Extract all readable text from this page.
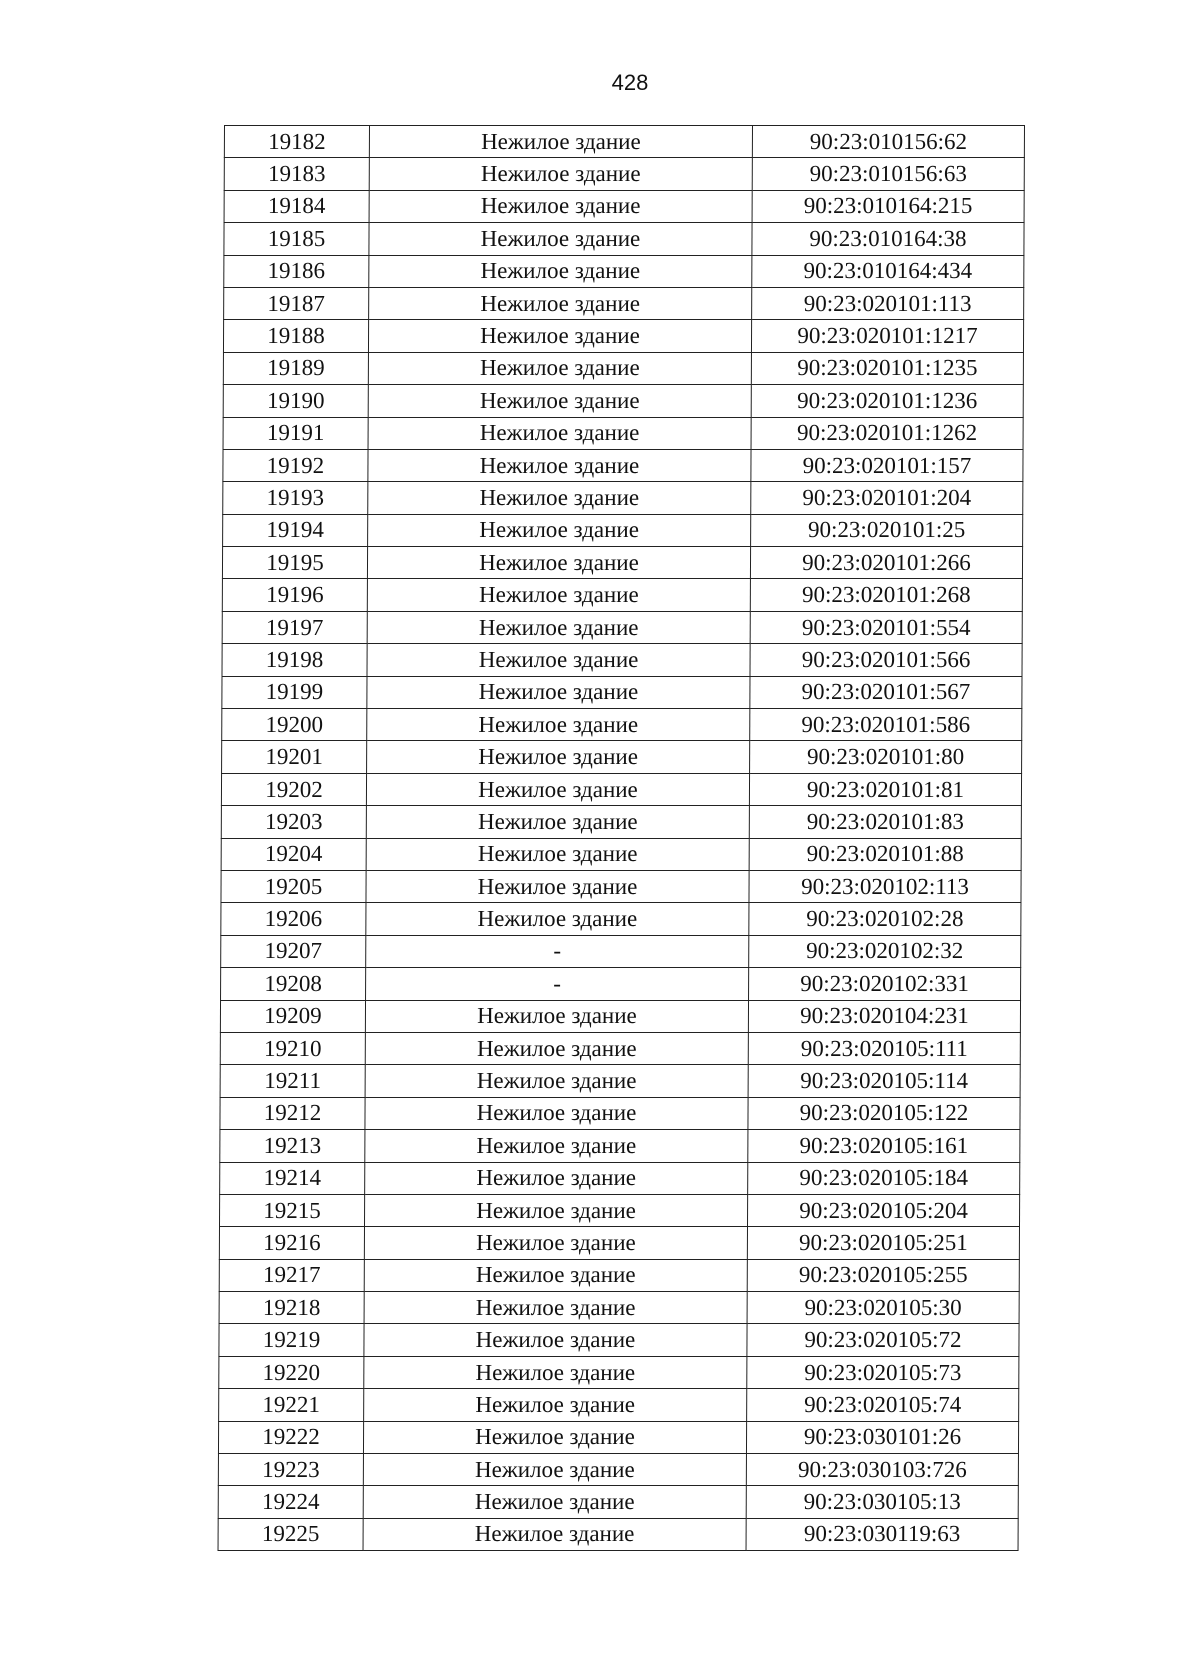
428
19182	Нежилое здание	90:23:010156:62
19183	Нежилое здание	90:23:010156:63
19184	Нежилое здание	90:23:010164:215
19185	Нежилое здание	90:23:010164:38
19186	Нежилое здание	90:23:010164:434
19187	Нежилое здание	90:23:020101:113
19188	Нежилое здание	90:23:020101:1217
19189	Нежилое здание	90:23:020101:1235
19190	Нежилое здание	90:23:020101:1236
19191	Нежилое здание	90:23:020101:1262
19192	Нежилое здание	90:23:020101:157
19193	Нежилое здание	90:23:020101:204
19194	Нежилое здание	90:23:020101:25
19195	Нежилое здание	90:23:020101:266
19196	Нежилое здание	90:23:020101:268
19197	Нежилое здание	90:23:020101:554
19198	Нежилое здание	90:23:020101:566
19199	Нежилое здание	90:23:020101:567
19200	Нежилое здание	90:23:020101:586
19201	Нежилое здание	90:23:020101:80
19202	Нежилое здание	90:23:020101:81
19203	Нежилое здание	90:23:020101:83
19204	Нежилое здание	90:23:020101:88
19205	Нежилое здание	90:23:020102:113
19206	Нежилое здание	90:23:020102:28
19207	-	90:23:020102:32
19208	-	90:23:020102:331
19209	Нежилое здание	90:23:020104:231
19210	Нежилое здание	90:23:020105:111
19211	Нежилое здание	90:23:020105:114
19212	Нежилое здание	90:23:020105:122
19213	Нежилое здание	90:23:020105:161
19214	Нежилое здание	90:23:020105:184
19215	Нежилое здание	90:23:020105:204
19216	Нежилое здание	90:23:020105:251
19217	Нежилое здание	90:23:020105:255
19218	Нежилое здание	90:23:020105:30
19219	Нежилое здание	90:23:020105:72
19220	Нежилое здание	90:23:020105:73
19221	Нежилое здание	90:23:020105:74
19222	Нежилое здание	90:23:030101:26
19223	Нежилое здание	90:23:030103:726
19224	Нежилое здание	90:23:030105:13
19225	Нежилое здание	90:23:030119:63
